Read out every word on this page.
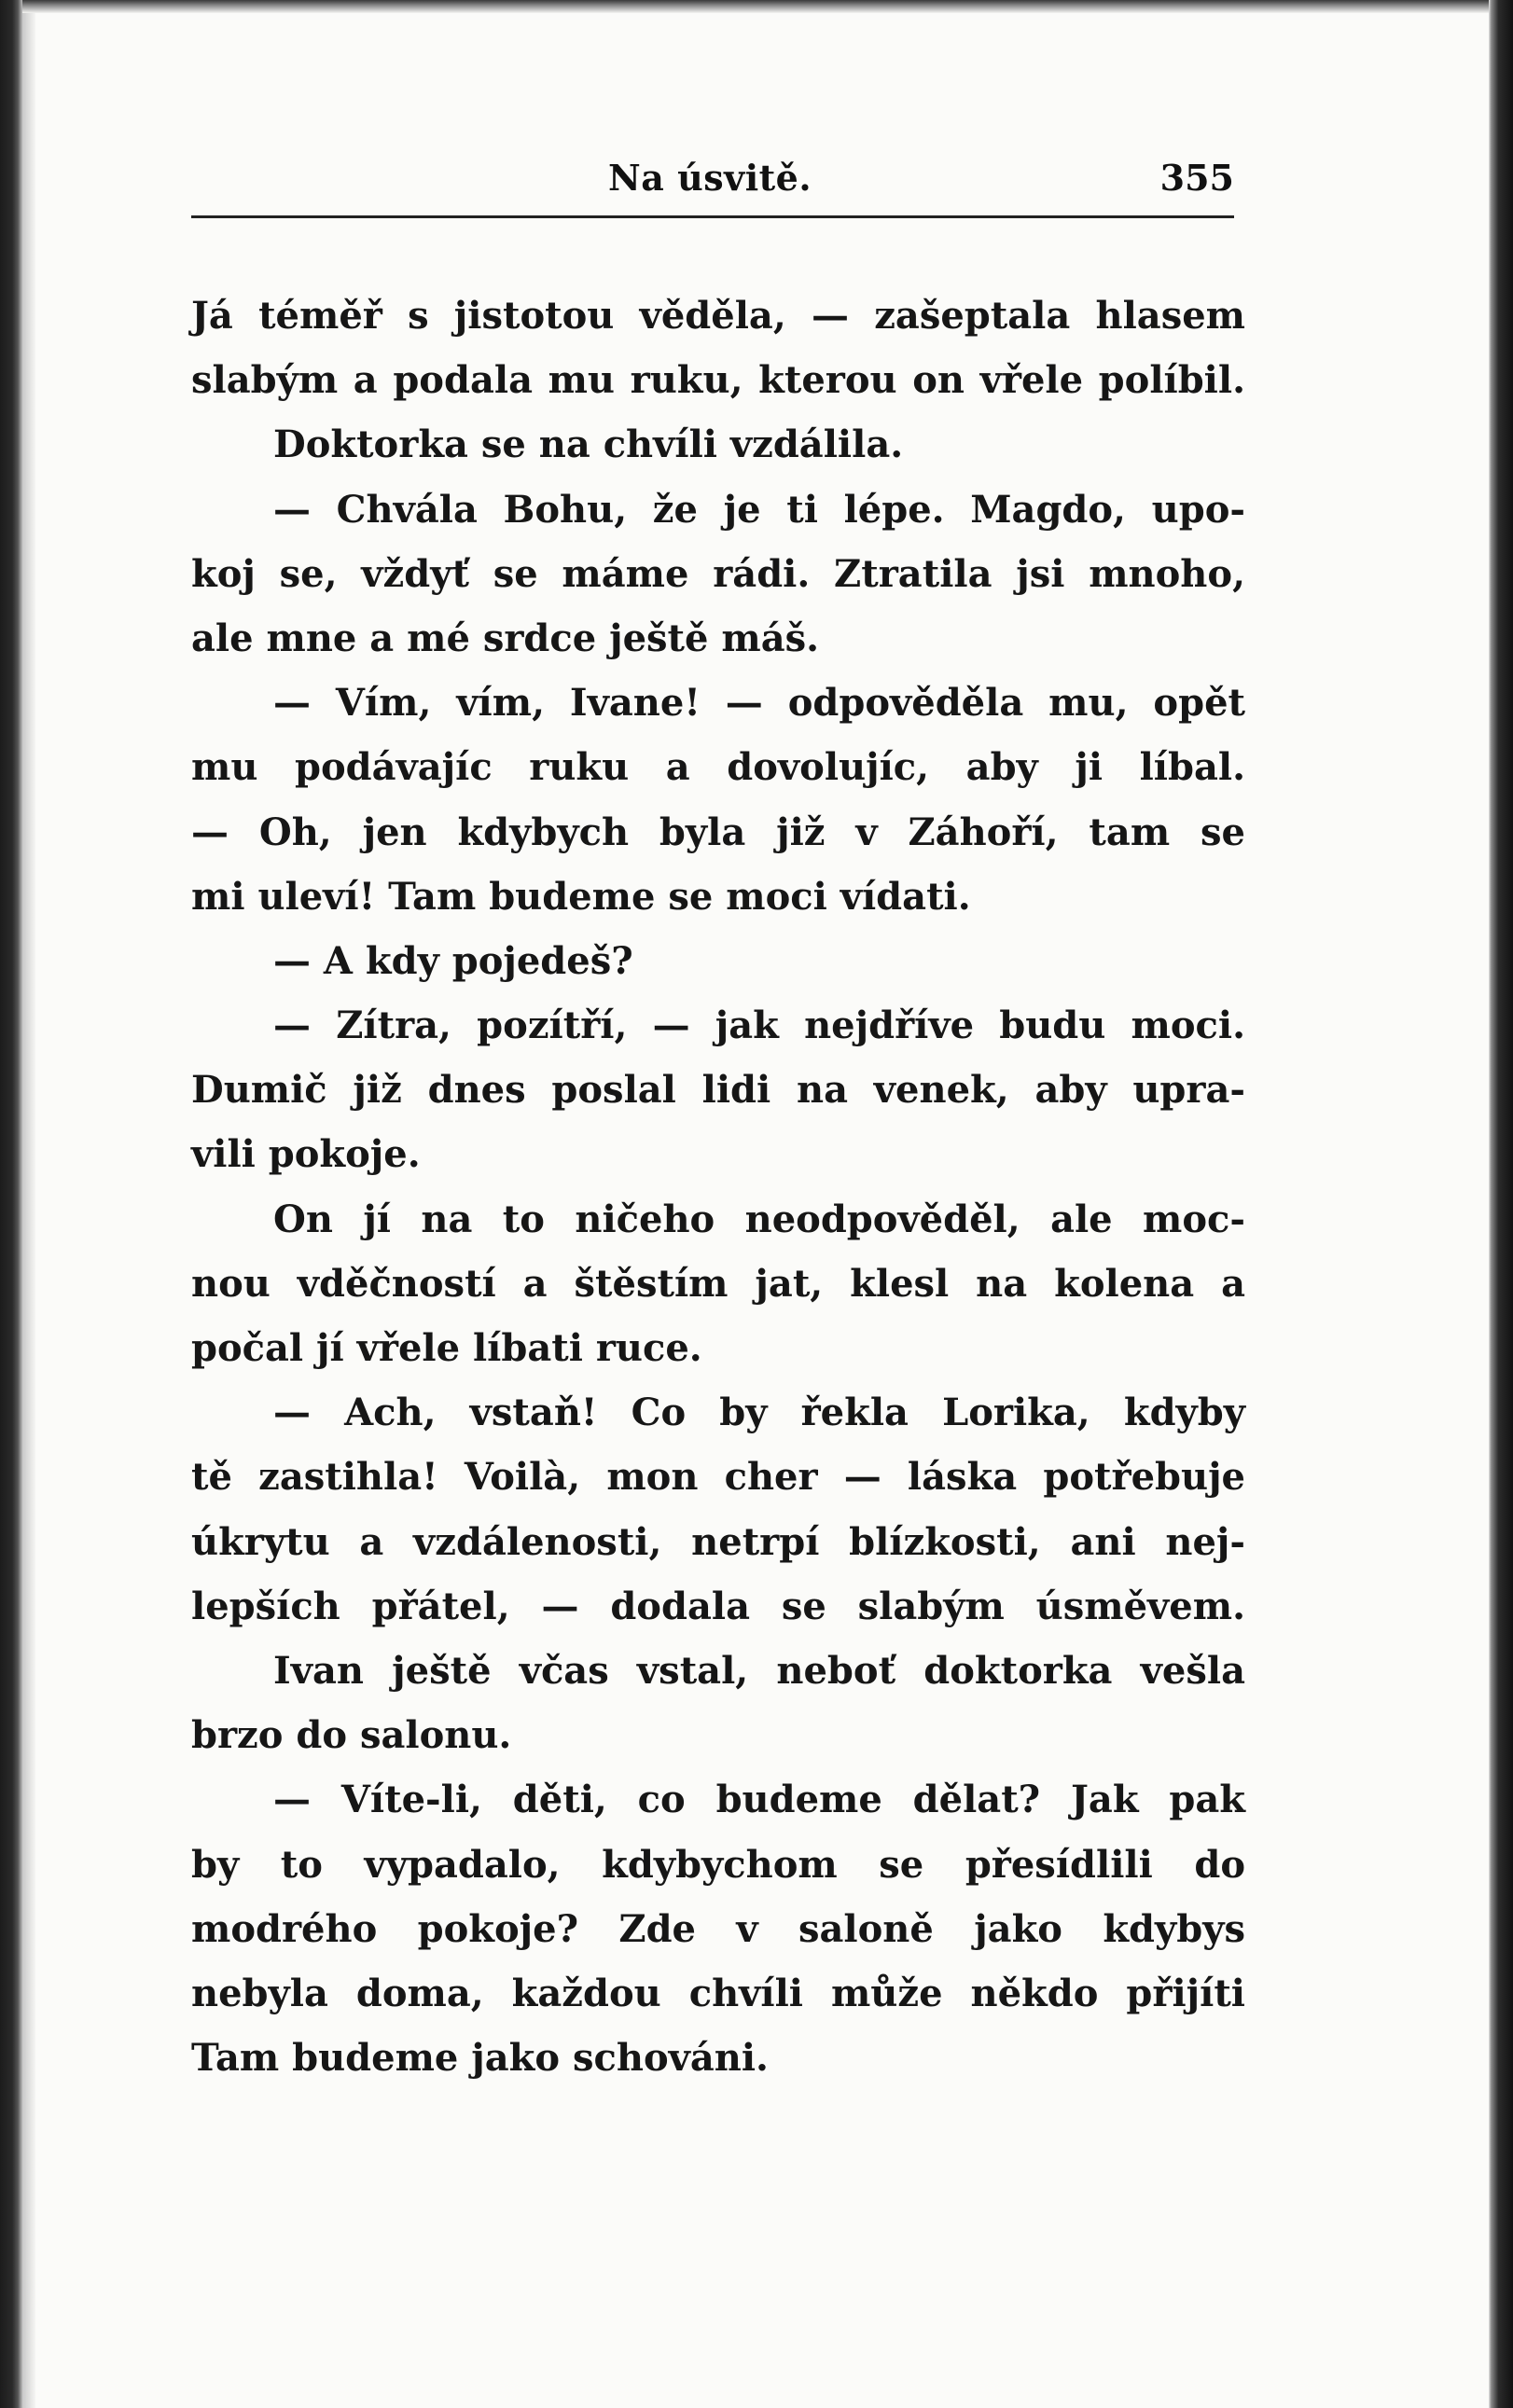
Na úsvitě.	355
Já téměř s jistotou věděla, — zašeptala hlasem
slabým a podala mu ruku, kterou on vřele políbil.
Doktorka se na chvíli vzdálila.
— Chvála Bohu, že je ti lépe. Magdo, upo-
koj se, vždyť se máme rádi. Ztratila jsi mnoho,
ale mne a mé srdce ještě máš.
— Vím, vím, Ivane! — odpověděla mu, opět
mu podávajíc ruku a dovolujíc, aby ji líbal.
— Oh, jen kdybych byla již v Záhoří, tam se
mi uleví! Tam budeme se moci vídati.
— A kdy pojedeš?
— Zítra, pozítří, — jak nejdříve budu moci.
Dumič již dnes poslal lidi na venek, aby upra-
vili pokoje.
On jí na to ničeho neodpověděl, ale moc-
nou vděčností a štěstím jat, klesl na kolena a
počal jí vřele líbati ruce.
— Ach, vstaň! Co by řekla Lorika, kdyby
tě zastihla! Voilà, mon cher — láska potřebuje
úkrytu a vzdálenosti, netrpí blízkosti, ani nej-
lepších přátel, — dodala se slabým úsměvem.
Ivan ještě včas vstal, neboť doktorka vešla
brzo do salonu.
— Víte-li, děti, co budeme dělat? Jak pak
by to vypadalo, kdybychom se přesídlili do
modrého pokoje? Zde v saloně jako kdybys
nebyla doma, každou chvíli může někdo přijíti
Tam budeme jako schováni.
